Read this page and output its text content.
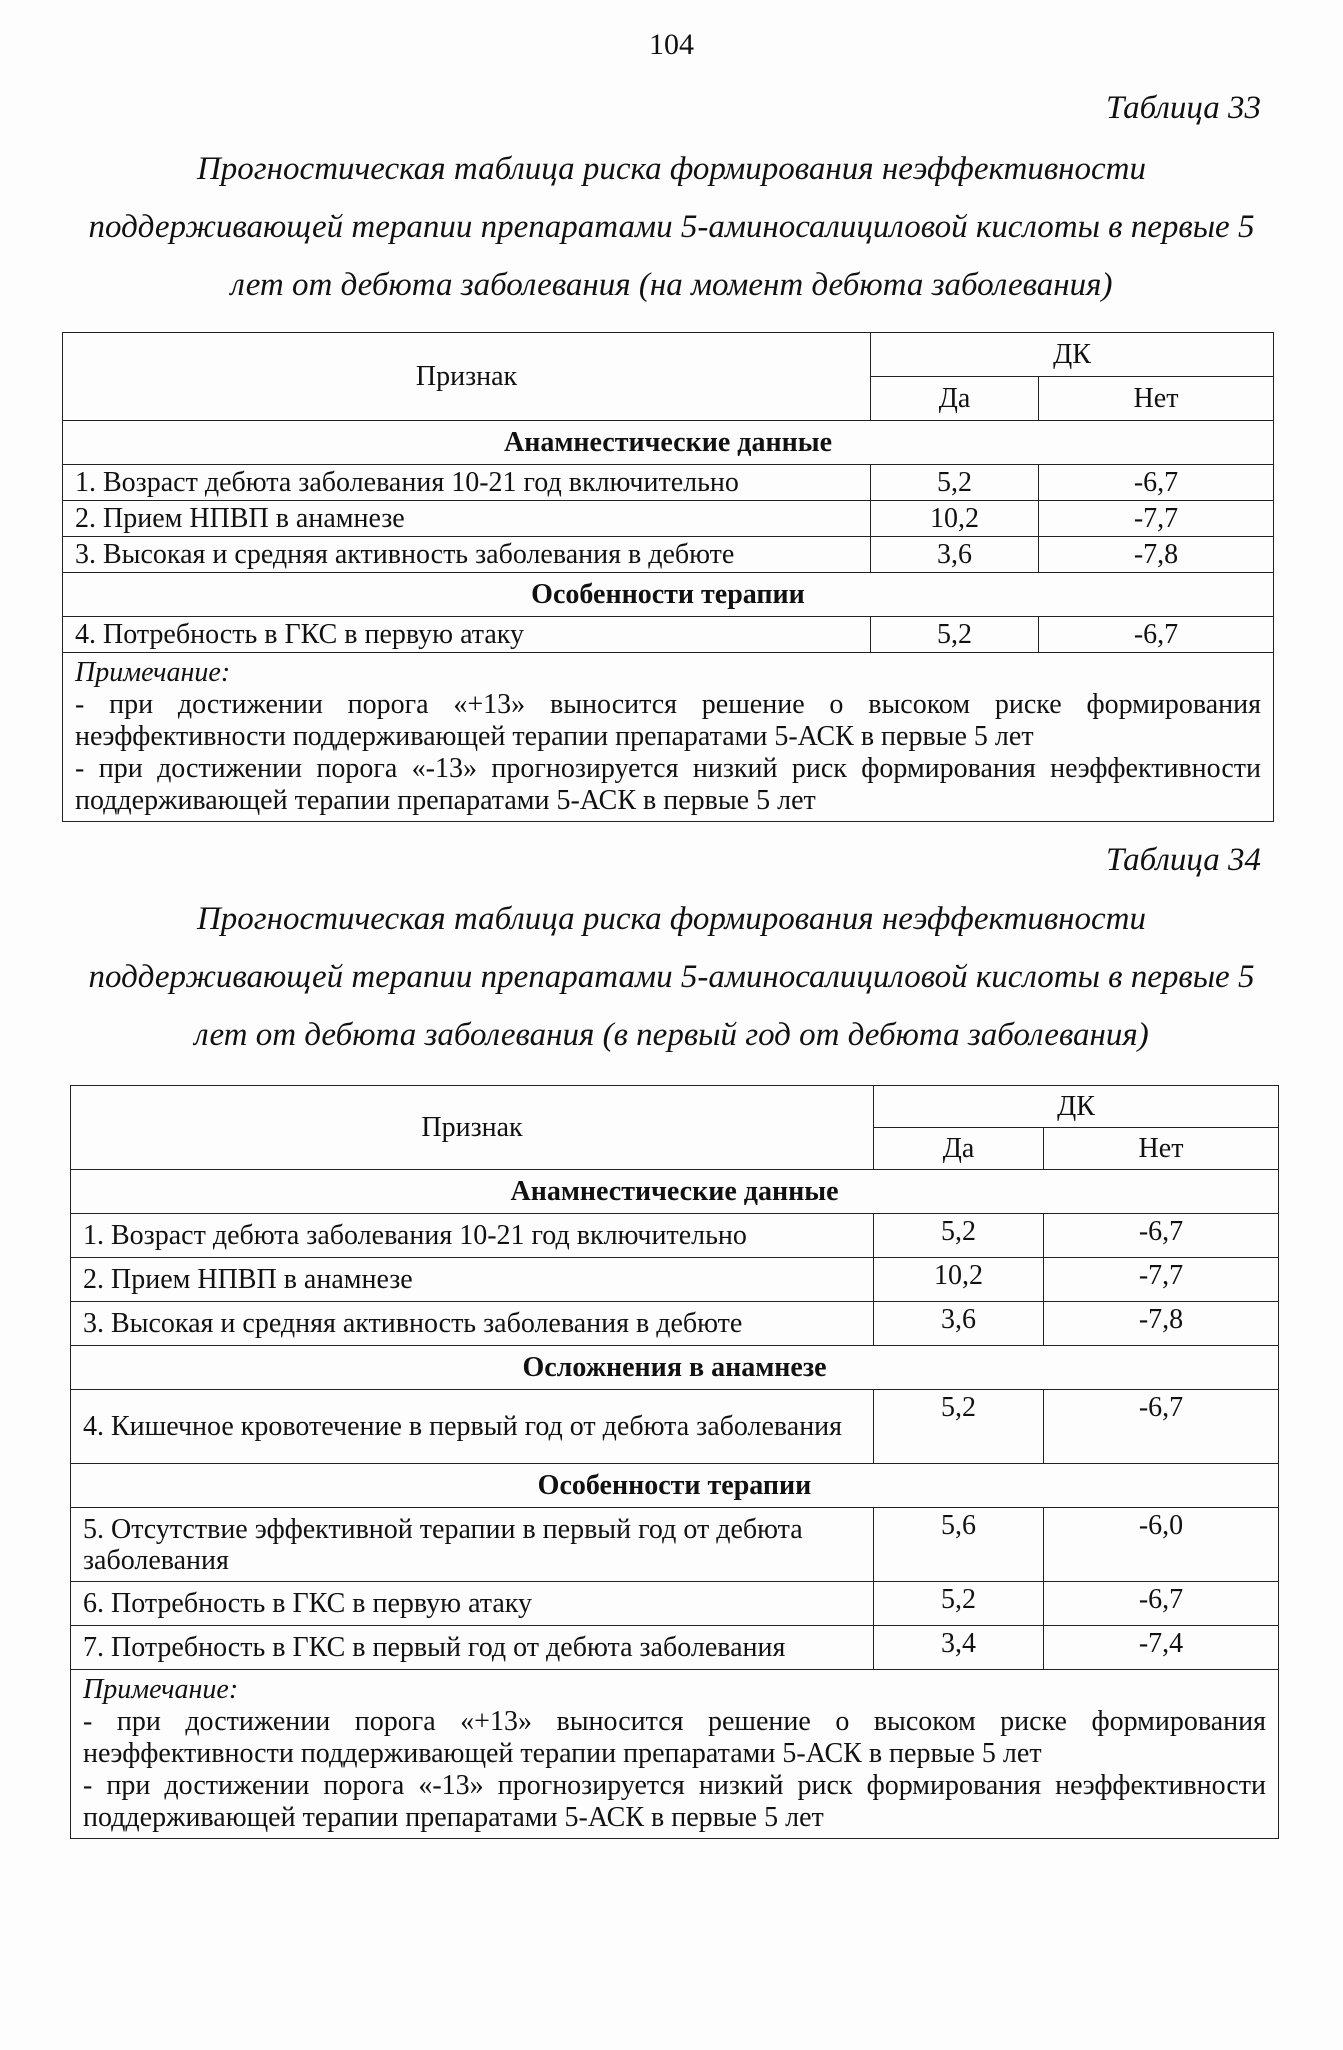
104
Таблица 33
Прогностическая таблица риска формирования неэффективности поддерживающей терапии препаратами 5-аминосалициловой кислоты в первые 5 лет от дебюта заболевания (на момент дебюта заболевания)
Признак	ДК	
	Да	Нет
Анамнестические данные		
1. Возраст дебюта заболевания 10-21 год включительно	5,2	-6,7
2. Прием НПВП в анамнезе	10,2	-7,7
3. Высокая и средняя активность заболевания в дебюте	3,6	-7,8
Особенности терапии		
4. Потребность в ГКС в первую атаку	5,2	-6,7

Примечание:
- при достижении порога «+13» выносится решение о высоком риске формирования неэффективности поддерживающей терапии препаратами 5-АСК в первые 5 лет
- при достижении порога «-13» прогнозируется низкий риск формирования неэффективности поддерживающей терапии препаратами 5-АСК в первые 5 лет		
Таблица 34
Прогностическая таблица риска формирования неэффективности поддерживающей терапии препаратами 5-аминосалициловой кислоты в первые 5 лет от дебюта заболевания (в первый год от дебюта заболевания)
Признак	ДК	
	Да	Нет
Анамнестические данные		
1. Возраст дебюта заболевания 10-21 год включительно	5,2	-6,7
2. Прием НПВП в анамнезе	10,2	-7,7
3. Высокая и средняя активность заболевания в дебюте	3,6	-7,8
Осложнения в анамнезе		
4. Кишечное кровотечение в первый год от дебюта заболевания	5,2	-6,7
Особенности терапии		
5. Отсутствие эффективной терапии в первый год от дебюта заболевания	5,6	-6,0
6. Потребность в ГКС в первую атаку	5,2	-6,7
7. Потребность в ГКС в первый год от дебюта заболевания	3,4	-7,4

Примечание:
- при достижении порога «+13» выносится решение о высоком риске формирования неэффективности поддерживающей терапии препаратами 5-АСК в первые 5 лет
- при достижении порога «-13» прогнозируется низкий риск формирования неэффективности поддерживающей терапии препаратами 5-АСК в первые 5 лет		
